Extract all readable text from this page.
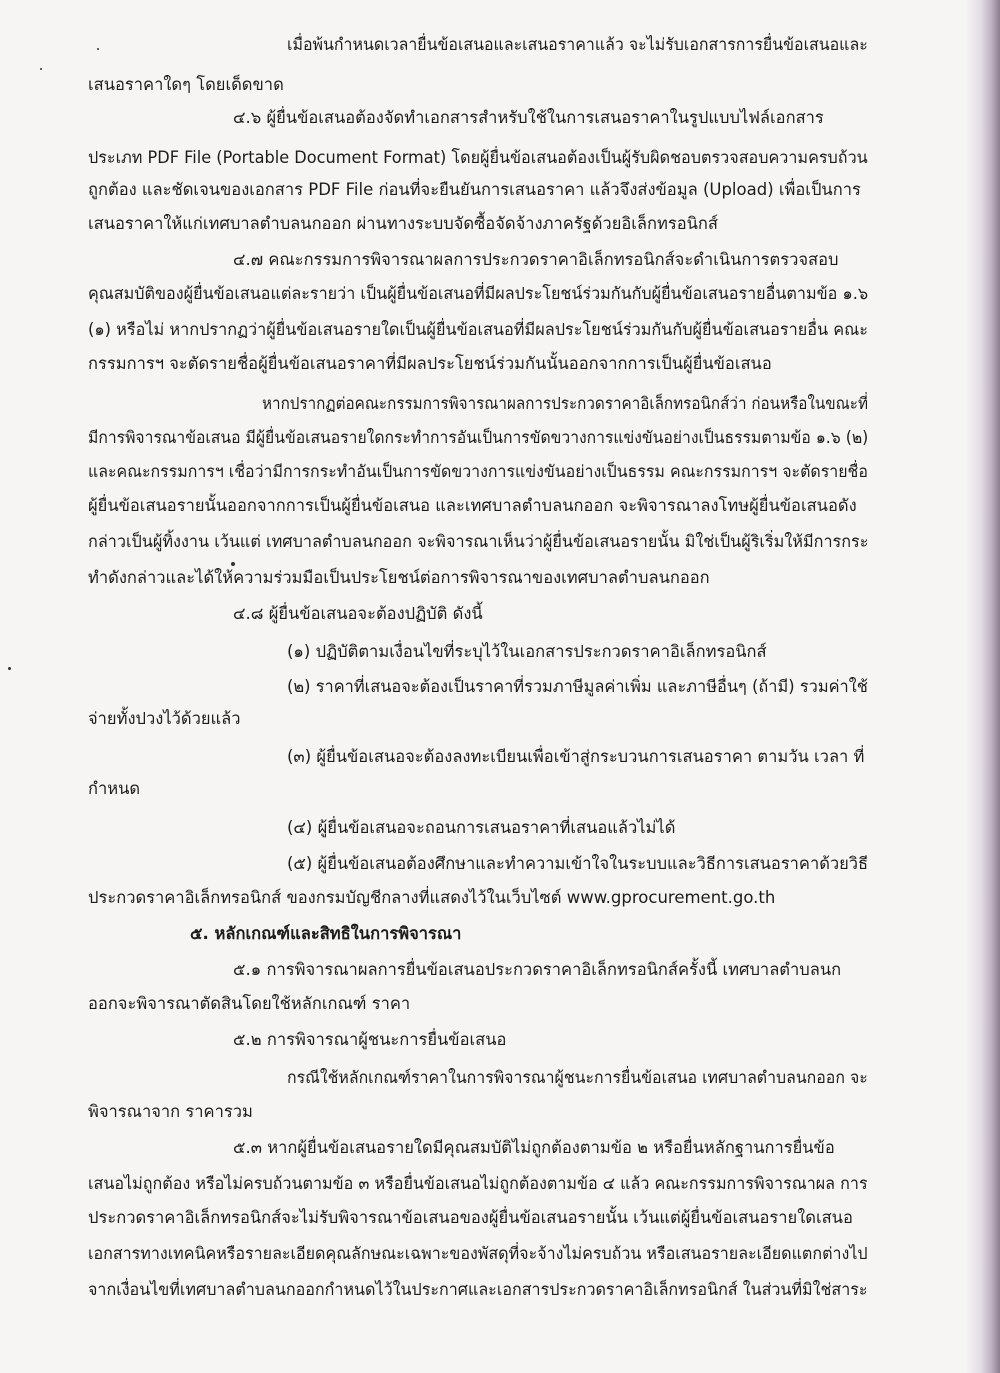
เมื่อพ้นกำหนดเวลายื่นข้อเสนอและเสนอราคาแล้ว จะไม่รับเอกสารการยื่นข้อเสนอและ
เสนอราคาใดๆ โดยเด็ดขาด
๔.๖ ผู้ยื่นข้อเสนอต้องจัดทำเอกสารสำหรับใช้ในการเสนอราคาในรูปแบบไฟล์เอกสาร
ประเภท PDF File (Portable Document Format) โดยผู้ยื่นข้อเสนอต้องเป็นผู้รับผิดชอบตรวจสอบความครบถ้วน
ถูกต้อง และชัดเจนของเอกสาร PDF File ก่อนที่จะยืนยันการเสนอราคา แล้วจึงส่งข้อมูล (Upload) เพื่อเป็นการ
เสนอราคาให้แก่เทศบาลตำบลนกออก ผ่านทางระบบจัดซื้อจัดจ้างภาครัฐด้วยอิเล็กทรอนิกส์
๔.๗ คณะกรรมการพิจารณาผลการประกวดราคาอิเล็กทรอนิกส์จะดำเนินการตรวจสอบ
คุณสมบัติของผู้ยื่นข้อเสนอแต่ละรายว่า เป็นผู้ยื่นข้อเสนอที่มีผลประโยชน์ร่วมกันกับผู้ยื่นข้อเสนอรายอื่นตามข้อ ๑.๖
(๑) หรือไม่ หากปรากฏว่าผู้ยื่นข้อเสนอรายใดเป็นผู้ยื่นข้อเสนอที่มีผลประโยชน์ร่วมกันกับผู้ยื่นข้อเสนอรายอื่น คณะ
กรรมการฯ จะตัดรายชื่อผู้ยื่นข้อเสนอราคาที่มีผลประโยชน์ร่วมกันนั้นออกจากการเป็นผู้ยื่นข้อเสนอ
หากปรากฏต่อคณะกรรมการพิจารณาผลการประกวดราคาอิเล็กทรอนิกส์ว่า ก่อนหรือในขณะที่
มีการพิจารณาข้อเสนอ มีผู้ยื่นข้อเสนอรายใดกระทำการอันเป็นการขัดขวางการแข่งขันอย่างเป็นธรรมตามข้อ ๑.๖ (๒)
และคณะกรรมการฯ เชื่อว่ามีการกระทำอันเป็นการขัดขวางการแข่งขันอย่างเป็นธรรม คณะกรรมการฯ จะตัดรายชื่อ
ผู้ยื่นข้อเสนอรายนั้นออกจากการเป็นผู้ยื่นข้อเสนอ และเทศบาลตำบลนกออก จะพิจารณาลงโทษผู้ยื่นข้อเสนอดัง
กล่าวเป็นผู้ทิ้งงาน เว้นแต่ เทศบาลตำบลนกออก จะพิจารณาเห็นว่าผู้ยื่นข้อเสนอรายนั้น มิใช่เป็นผู้ริเริ่มให้มีการกระ
ทำดังกล่าวและได้ให้ความร่วมมือเป็นประโยชน์ต่อการพิจารณาของเทศบาลตำบลนกออก
๔.๘ ผู้ยื่นข้อเสนอจะต้องปฏิบัติ ดังนี้
(๑) ปฏิบัติตามเงื่อนไขที่ระบุไว้ในเอกสารประกวดราคาอิเล็กทรอนิกส์
(๒) ราคาที่เสนอจะต้องเป็นราคาที่รวมภาษีมูลค่าเพิ่ม และภาษีอื่นๆ (ถ้ามี) รวมค่าใช้
จ่ายทั้งปวงไว้ด้วยแล้ว
(๓) ผู้ยื่นข้อเสนอจะต้องลงทะเบียนเพื่อเข้าสู่กระบวนการเสนอราคา ตามวัน เวลา ที่
กำหนด
(๔) ผู้ยื่นข้อเสนอจะถอนการเสนอราคาที่เสนอแล้วไม่ได้
(๕) ผู้ยื่นข้อเสนอต้องศึกษาและทำความเข้าใจในระบบและวิธีการเสนอราคาด้วยวิธี
ประกวดราคาอิเล็กทรอนิกส์ ของกรมบัญชีกลางที่แสดงไว้ในเว็บไซต์ www.gprocurement.go.th
๕. หลักเกณฑ์และสิทธิในการพิจารณา
๕.๑ การพิจารณาผลการยื่นข้อเสนอประกวดราคาอิเล็กทรอนิกส์ครั้งนี้ เทศบาลตำบลนก
ออกจะพิจารณาตัดสินโดยใช้หลักเกณฑ์ ราคา
๕.๒ การพิจารณาผู้ชนะการยื่นข้อเสนอ
กรณีใช้หลักเกณฑ์ราคาในการพิจารณาผู้ชนะการยื่นข้อเสนอ เทศบาลตำบลนกออก จะ
พิจารณาจาก ราคารวม
๕.๓ หากผู้ยื่นข้อเสนอรายใดมีคุณสมบัติไม่ถูกต้องตามข้อ ๒ หรือยื่นหลักฐานการยื่นข้อ
เสนอไม่ถูกต้อง หรือไม่ครบถ้วนตามข้อ ๓ หรือยื่นข้อเสนอไม่ถูกต้องตามข้อ ๔ แล้ว คณะกรรมการพิจารณาผล การ
ประกวดราคาอิเล็กทรอนิกส์จะไม่รับพิจารณาข้อเสนอของผู้ยื่นข้อเสนอรายนั้น เว้นแต่ผู้ยื่นข้อเสนอรายใดเสนอ
เอกสารทางเทคนิคหรือรายละเอียดคุณลักษณะเฉพาะของพัสดุที่จะจ้างไม่ครบถ้วน หรือเสนอรายละเอียดแตกต่างไป
จากเงื่อนไขที่เทศบาลตำบลนกออกกำหนดไว้ในประกาศและเอกสารประกวดราคาอิเล็กทรอนิกส์ ในส่วนที่มิใช่สาระ
